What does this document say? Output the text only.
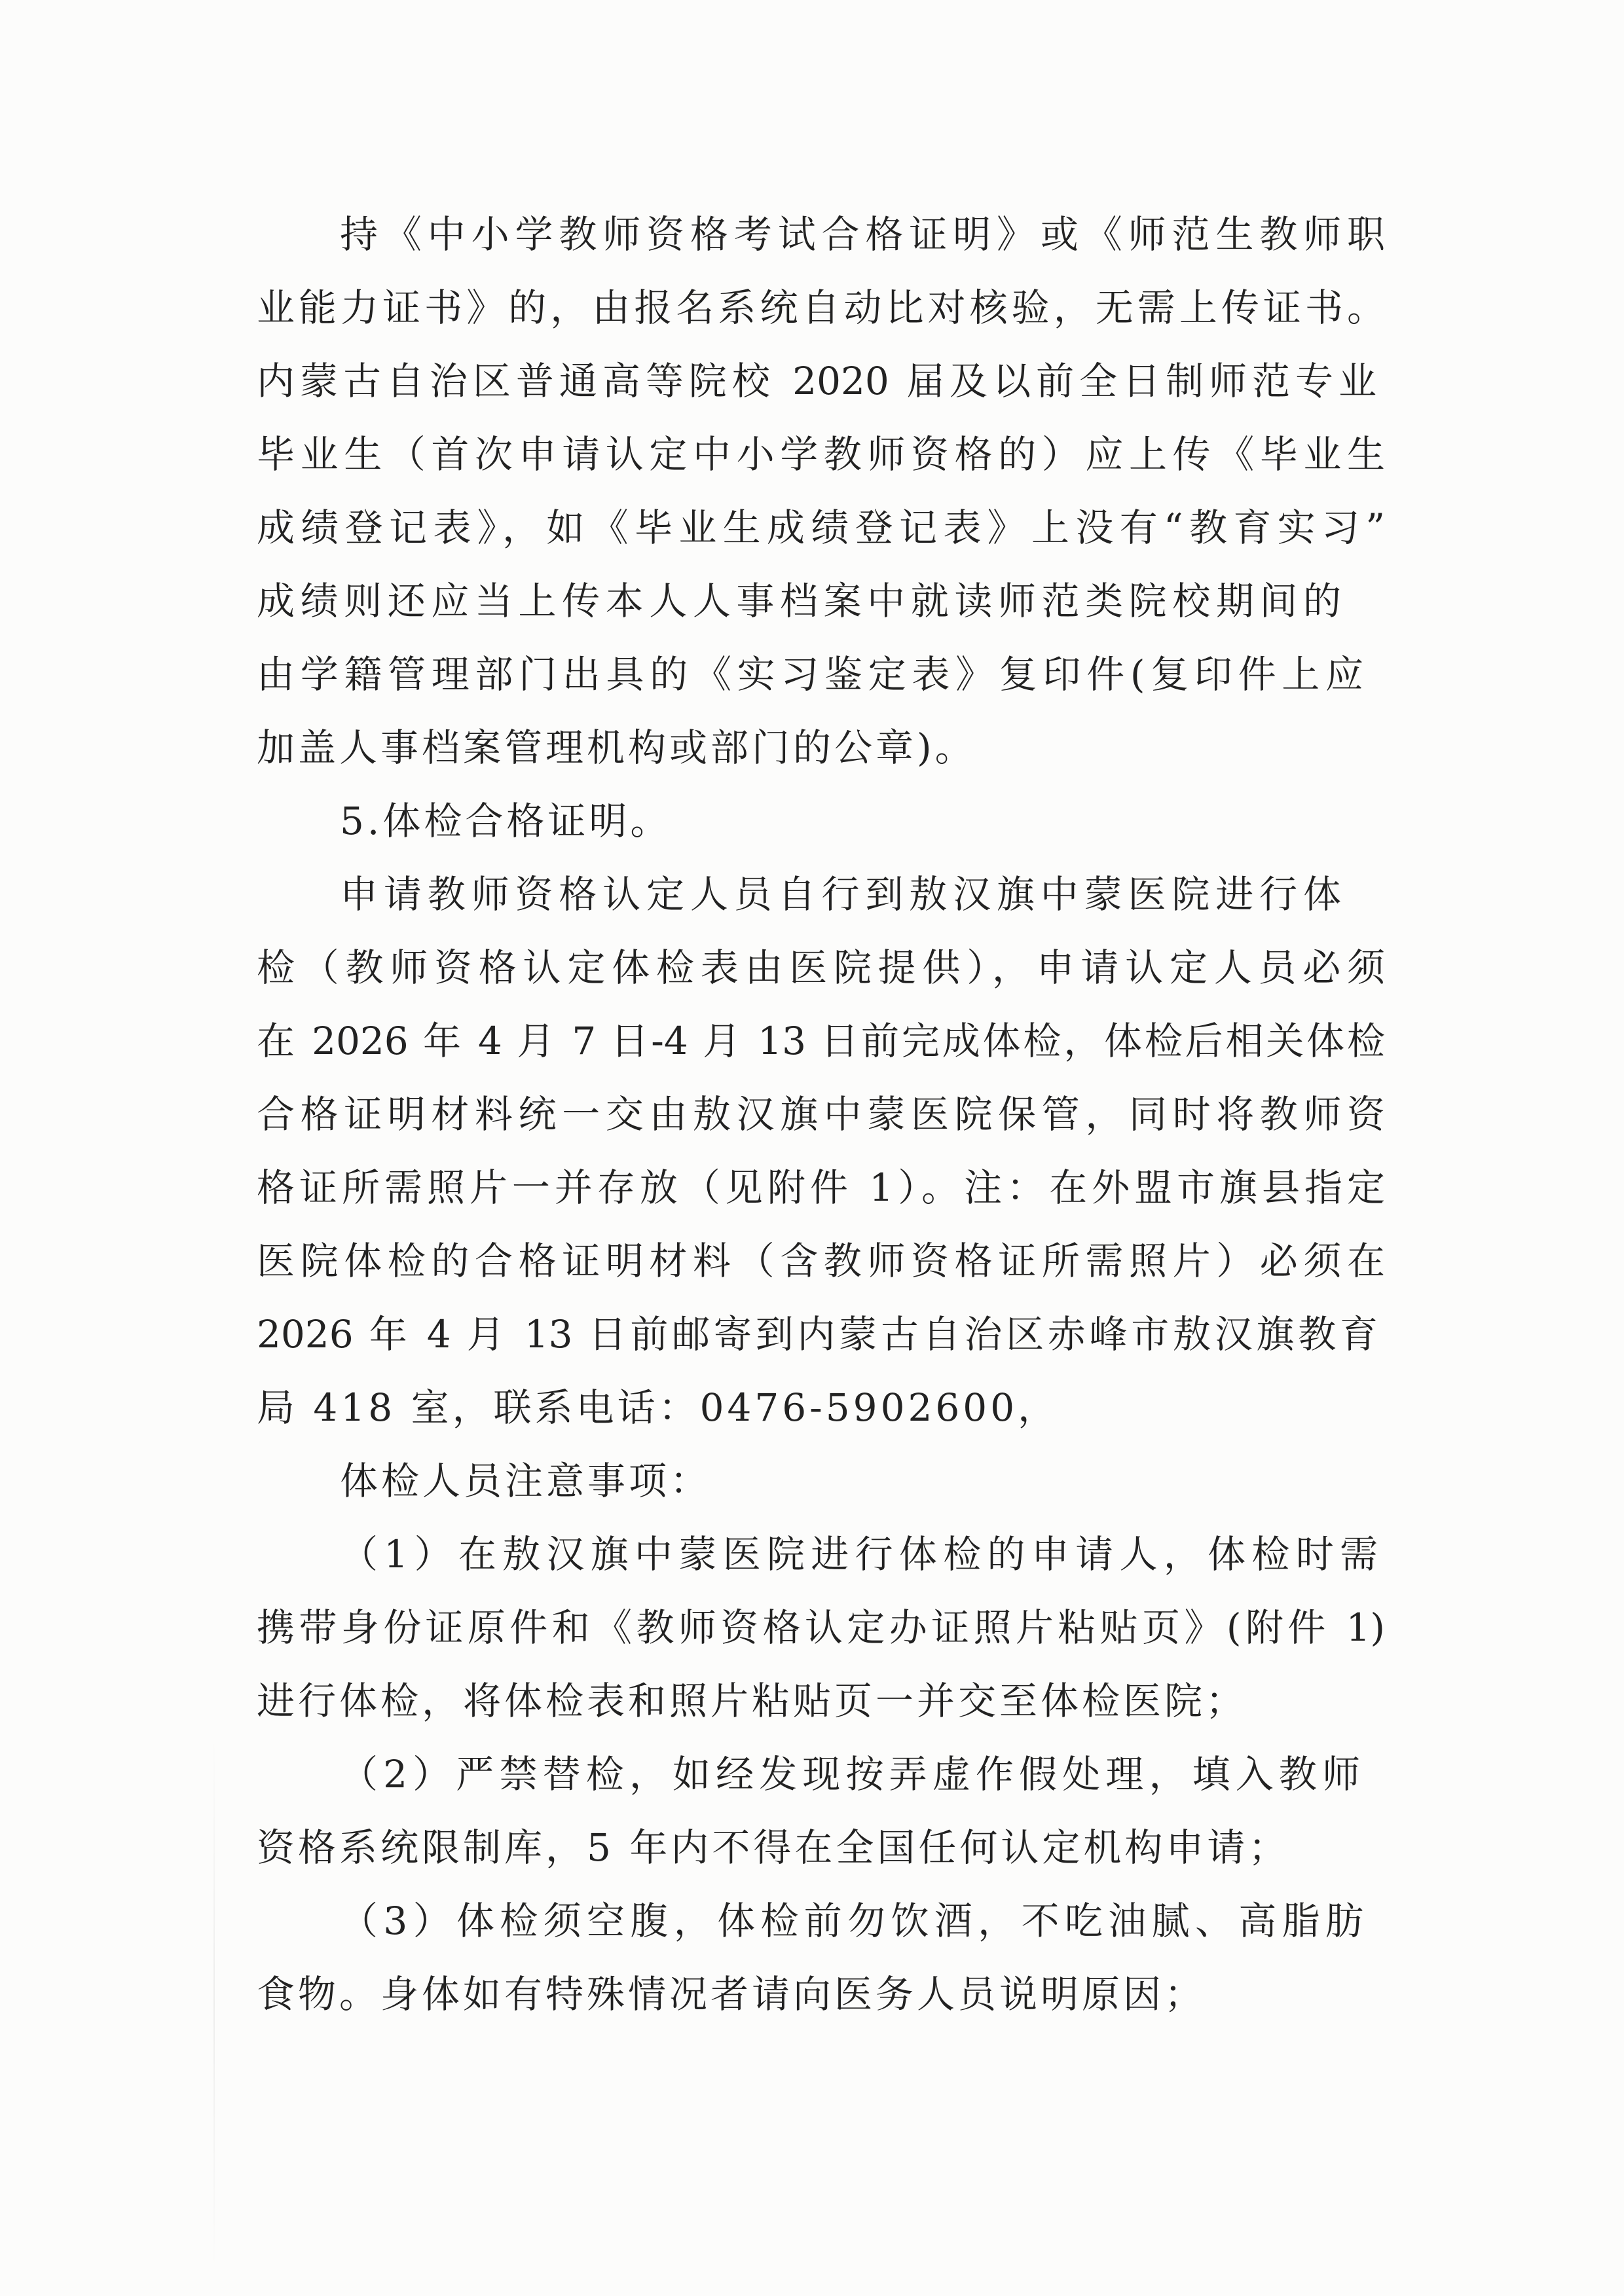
持《中小学教师资格考试合格证明》或《师范生教师职
业能力证书》的，由报名系统自动比对核验，无需上传证书。
内蒙古自治区普通高等院校 2020 届及以前全日制师范专业
毕业生（首次申请认定中小学教师资格的）应上传《毕业生
成绩登记表》，如《毕业生成绩登记表》上没有“教育实习”
成绩则还应当上传本人人事档案中就读师范类院校期间的
由学籍管理部门出具的《实习鉴定表》复印件(复印件上应
加盖人事档案管理机构或部门的公章)。
5.体检合格证明。
申请教师资格认定人员自行到敖汉旗中蒙医院进行体
检（教师资格认定体检表由医院提供），申请认定人员必须
在 2026 年 4 月 7 日-4 月 13 日前完成体检，体检后相关体检
合格证明材料统一交由敖汉旗中蒙医院保管，同时将教师资
格证所需照片一并存放（见附件 1）。注：在外盟市旗县指定
医院体检的合格证明材料（含教师资格证所需照片）必须在
2026 年 4 月 13 日前邮寄到内蒙古自治区赤峰市敖汉旗教育
局 418 室，联系电话：0476-5902600，
体检人员注意事项：
（1）在敖汉旗中蒙医院进行体检的申请人，体检时需
携带身份证原件和《教师资格认定办证照片粘贴页》(附件 1)
进行体检，将体检表和照片粘贴页一并交至体检医院；
（2）严禁替检，如经发现按弄虚作假处理，填入教师
资格系统限制库，5 年内不得在全国任何认定机构申请；
（3）体检须空腹，体检前勿饮酒，不吃油腻、高脂肪
食物。身体如有特殊情况者请向医务人员说明原因；
